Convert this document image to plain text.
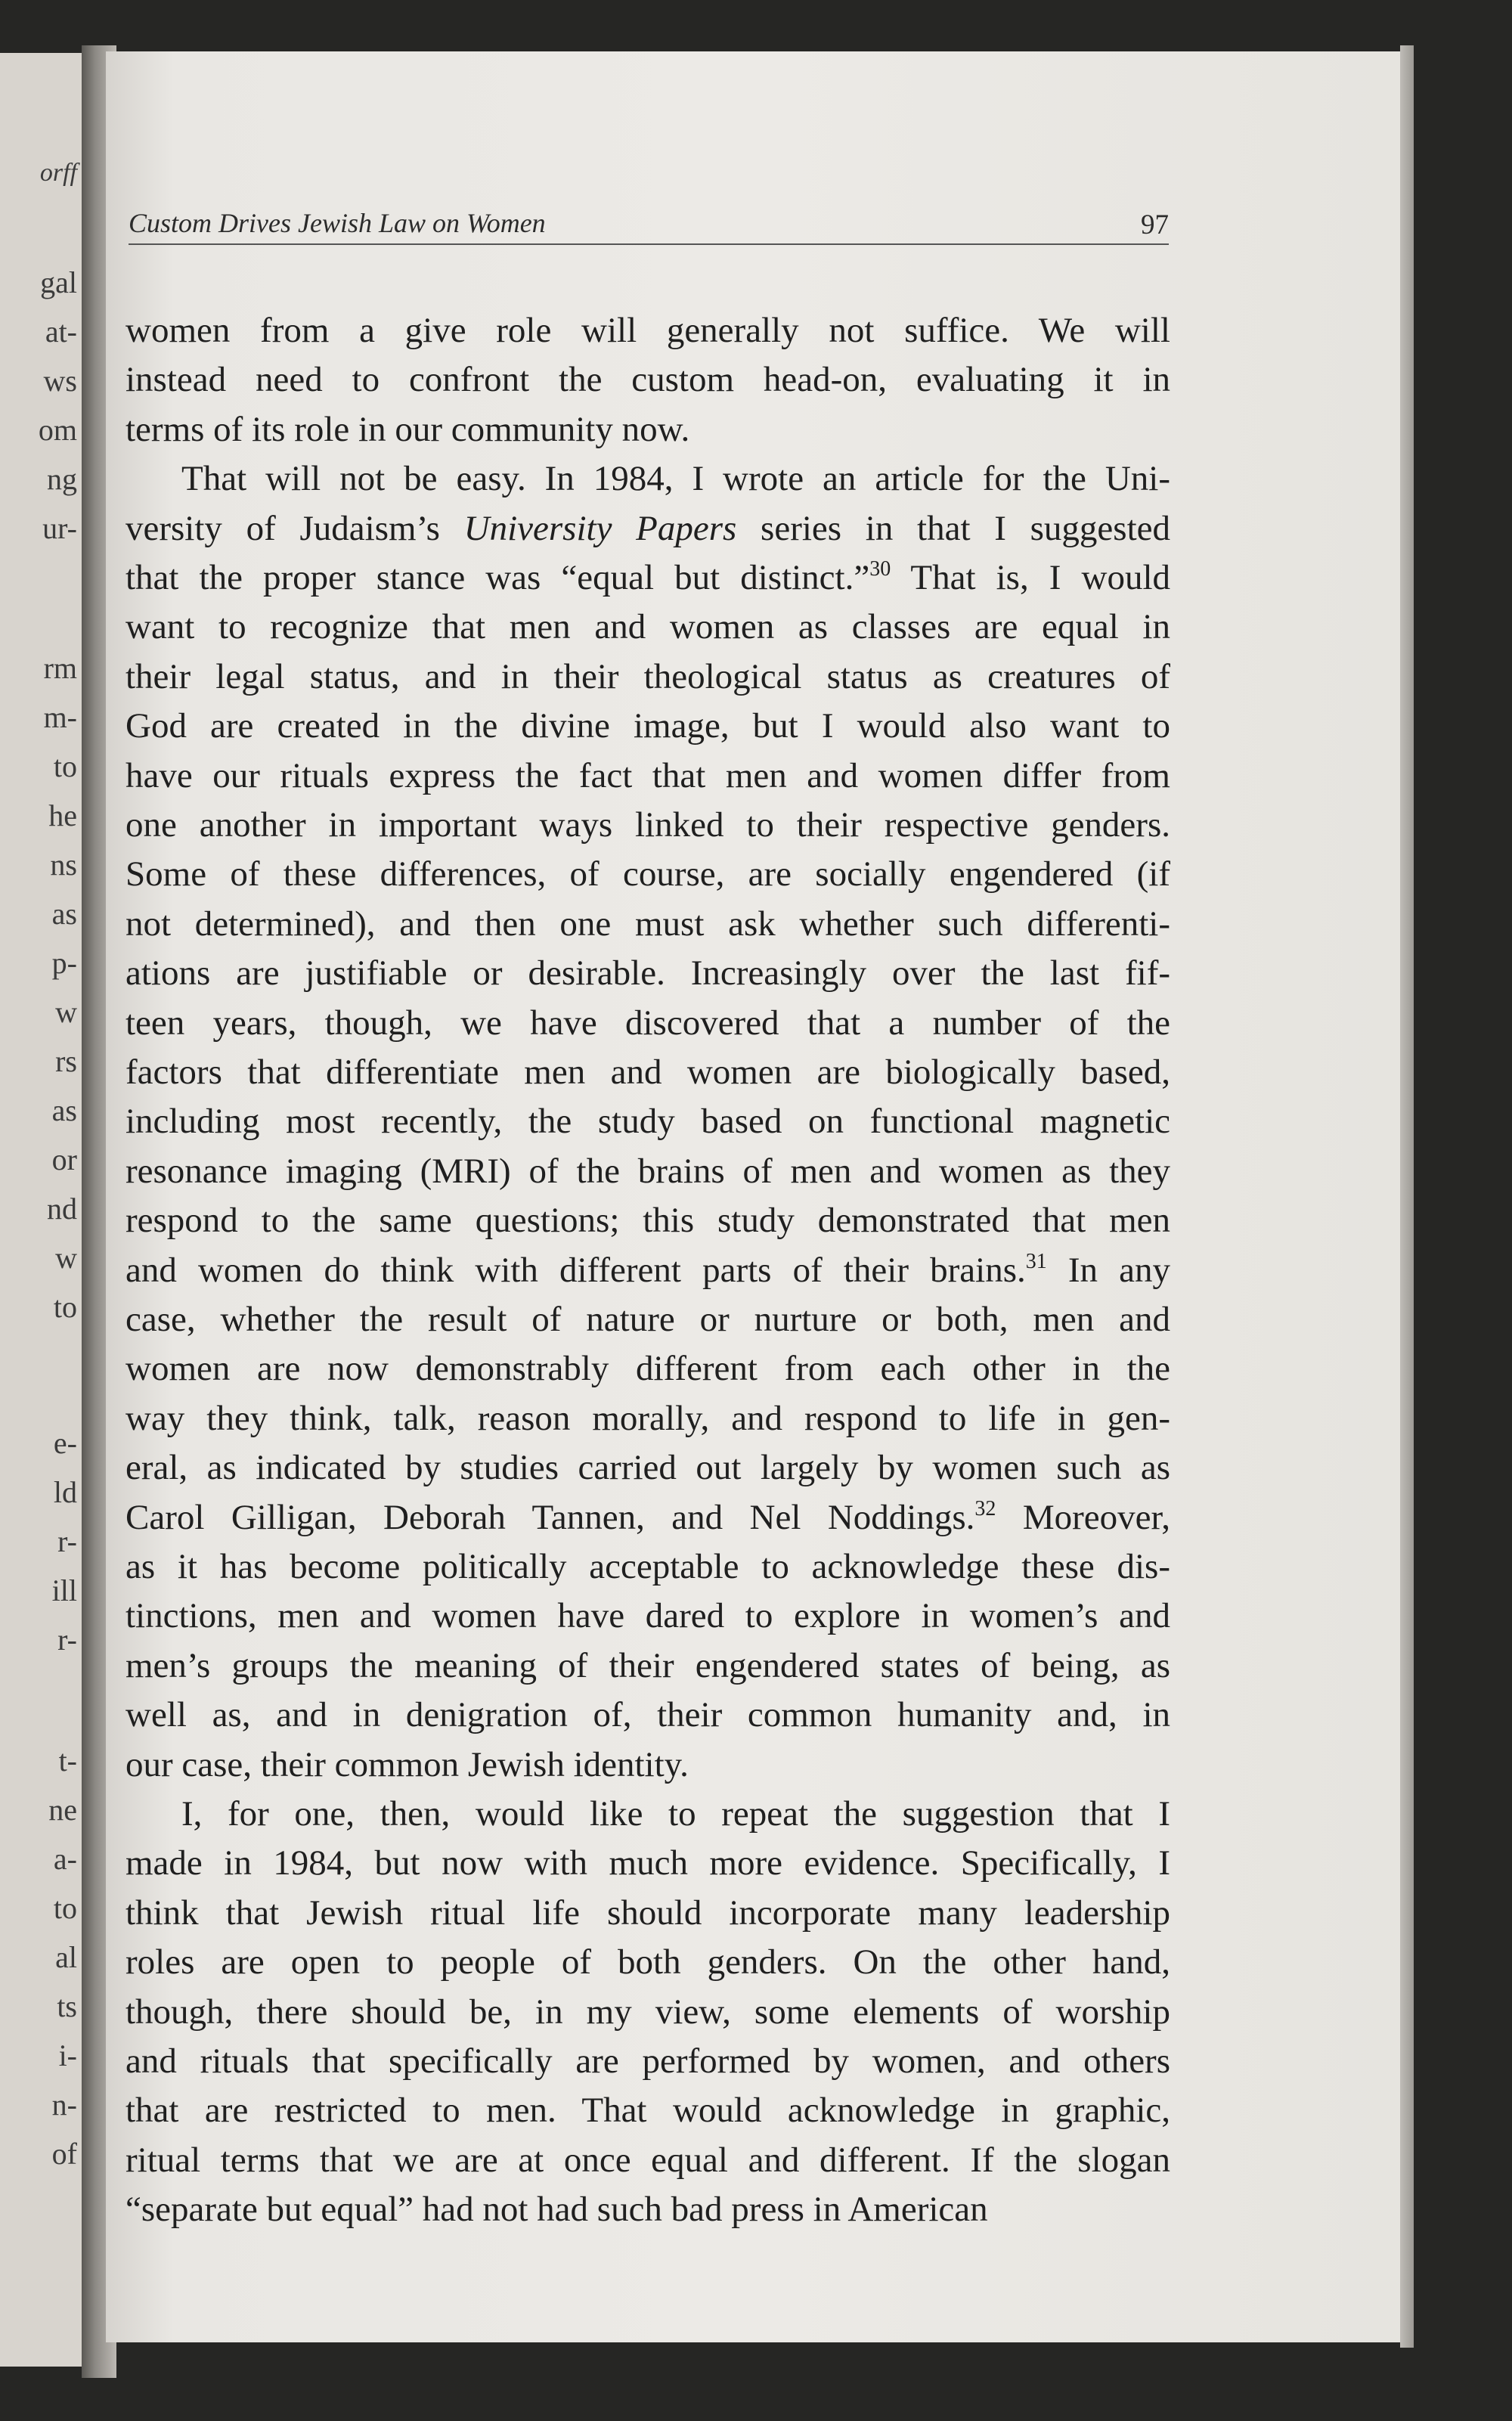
orff
gal
at-
ws
om
ng
ur-
rm
m-
to
he
ns
as
p-
w
rs
as
or
nd
w
to
e-
ld
r-
ill
r-
t-
ne
a-
to
al
ts
i-
n-
of
Custom Drives Jewish Law on Women	97
women from a give role will generally not suffice. We will
instead need to confront the custom head-on, evaluating it in
terms of its role in our community now.
That will not be easy. In 1984, I wrote an article for the Uni-
versity of Judaism’s University Papers series in that I suggested
that the proper stance was “equal but distinct.”$^{30}$ That is, I would
want to recognize that men and women as classes are equal in
their legal status, and in their theological status as creatures of
God are created in the divine image, but I would also want to
have our rituals express the fact that men and women differ from
one another in important ways linked to their respective genders.
Some of these differences, of course, are socially engendered (if
not determined), and then one must ask whether such differenti-
ations are justifiable or desirable. Increasingly over the last fif-
teen years, though, we have discovered that a number of the
factors that differentiate men and women are biologically based,
including most recently, the study based on functional magnetic
resonance imaging (MRI) of the brains of men and women as they
respond to the same questions; this study demonstrated that men
and women do think with different parts of their brains.$^{31}$ In any
case, whether the result of nature or nurture or both, men and
women are now demonstrably different from each other in the
way they think, talk, reason morally, and respond to life in gen-
eral, as indicated by studies carried out largely by women such as
Carol Gilligan, Deborah Tannen, and Nel Noddings.$^{32}$ Moreover,
as it has become politically acceptable to acknowledge these dis-
tinctions, men and women have dared to explore in women’s and
men’s groups the meaning of their engendered states of being, as
well as, and in denigration of, their common humanity and, in
our case, their common Jewish identity.
I, for one, then, would like to repeat the suggestion that I
made in 1984, but now with much more evidence. Specifically, I
think that Jewish ritual life should incorporate many leadership
roles are open to people of both genders. On the other hand,
though, there should be, in my view, some elements of worship
and rituals that specifically are performed by women, and others
that are restricted to men. That would acknowledge in graphic,
ritual terms that we are at once equal and different. If the slogan
“separate but equal” had not had such bad press in American
